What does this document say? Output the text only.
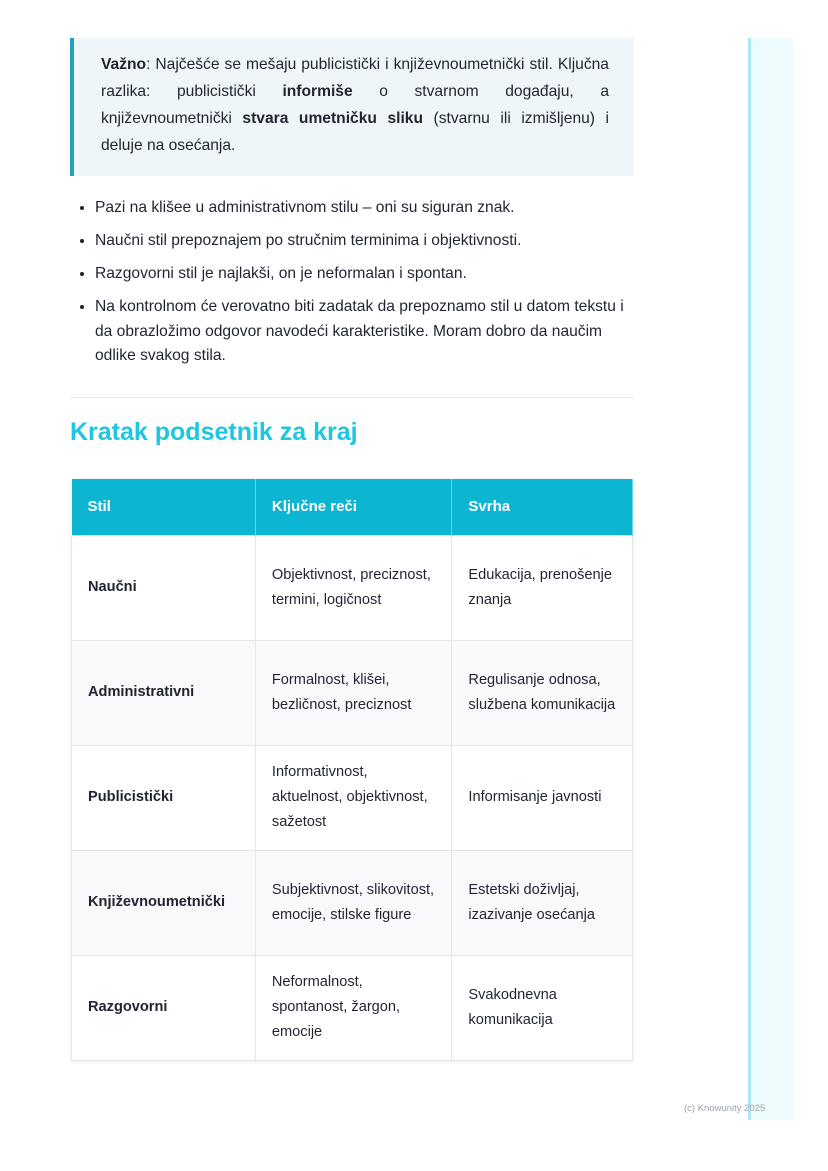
Važno: Najčešće se mešaju publicistički i književnoumetnički stil. Ključna razlika: publicistički informiše o stvarnom događaju, a književnoumetnički stvara umetničku sliku (stvarnu ili izmišljenu) i deluje na osećanja.
• Pazi na klišee u administrativnom stilu – oni su siguran znak.
• Naučni stil prepoznajem po stručnim terminima i objektivnosti.
• Razgovorni stil je najlakši, on je neformalan i spontan.
• Na kontrolnom će verovatno biti zadatak da prepoznamo stil u datom tekstu i da obrazložimo odgovor navodeći karakteristike. Moram dobro da naučim odlike svakog stila.
Kratak podsetnik za kraj
Stil	Ključne reči	Svrha
Naučni	Objektivnost, preciznost, termini, logičnost	Edukacija, prenošenje znanja
Administrativni	Formalnost, klišei, bezličnost, preciznost	Regulisanje odnosa, službena komunikacija
Publicistički	Informativnost, aktuelnost, objektivnost, sažetost	Informisanje javnosti
Književnoumetnički	Subjektivnost, slikovitost, emocije, stilske figure	Estetski doživljaj, izazivanje osećanja
Razgovorni	Neformalnost, spontanost, žargon, emocije	Svakodnevna komunikacija
(c) Knowunity 2025
